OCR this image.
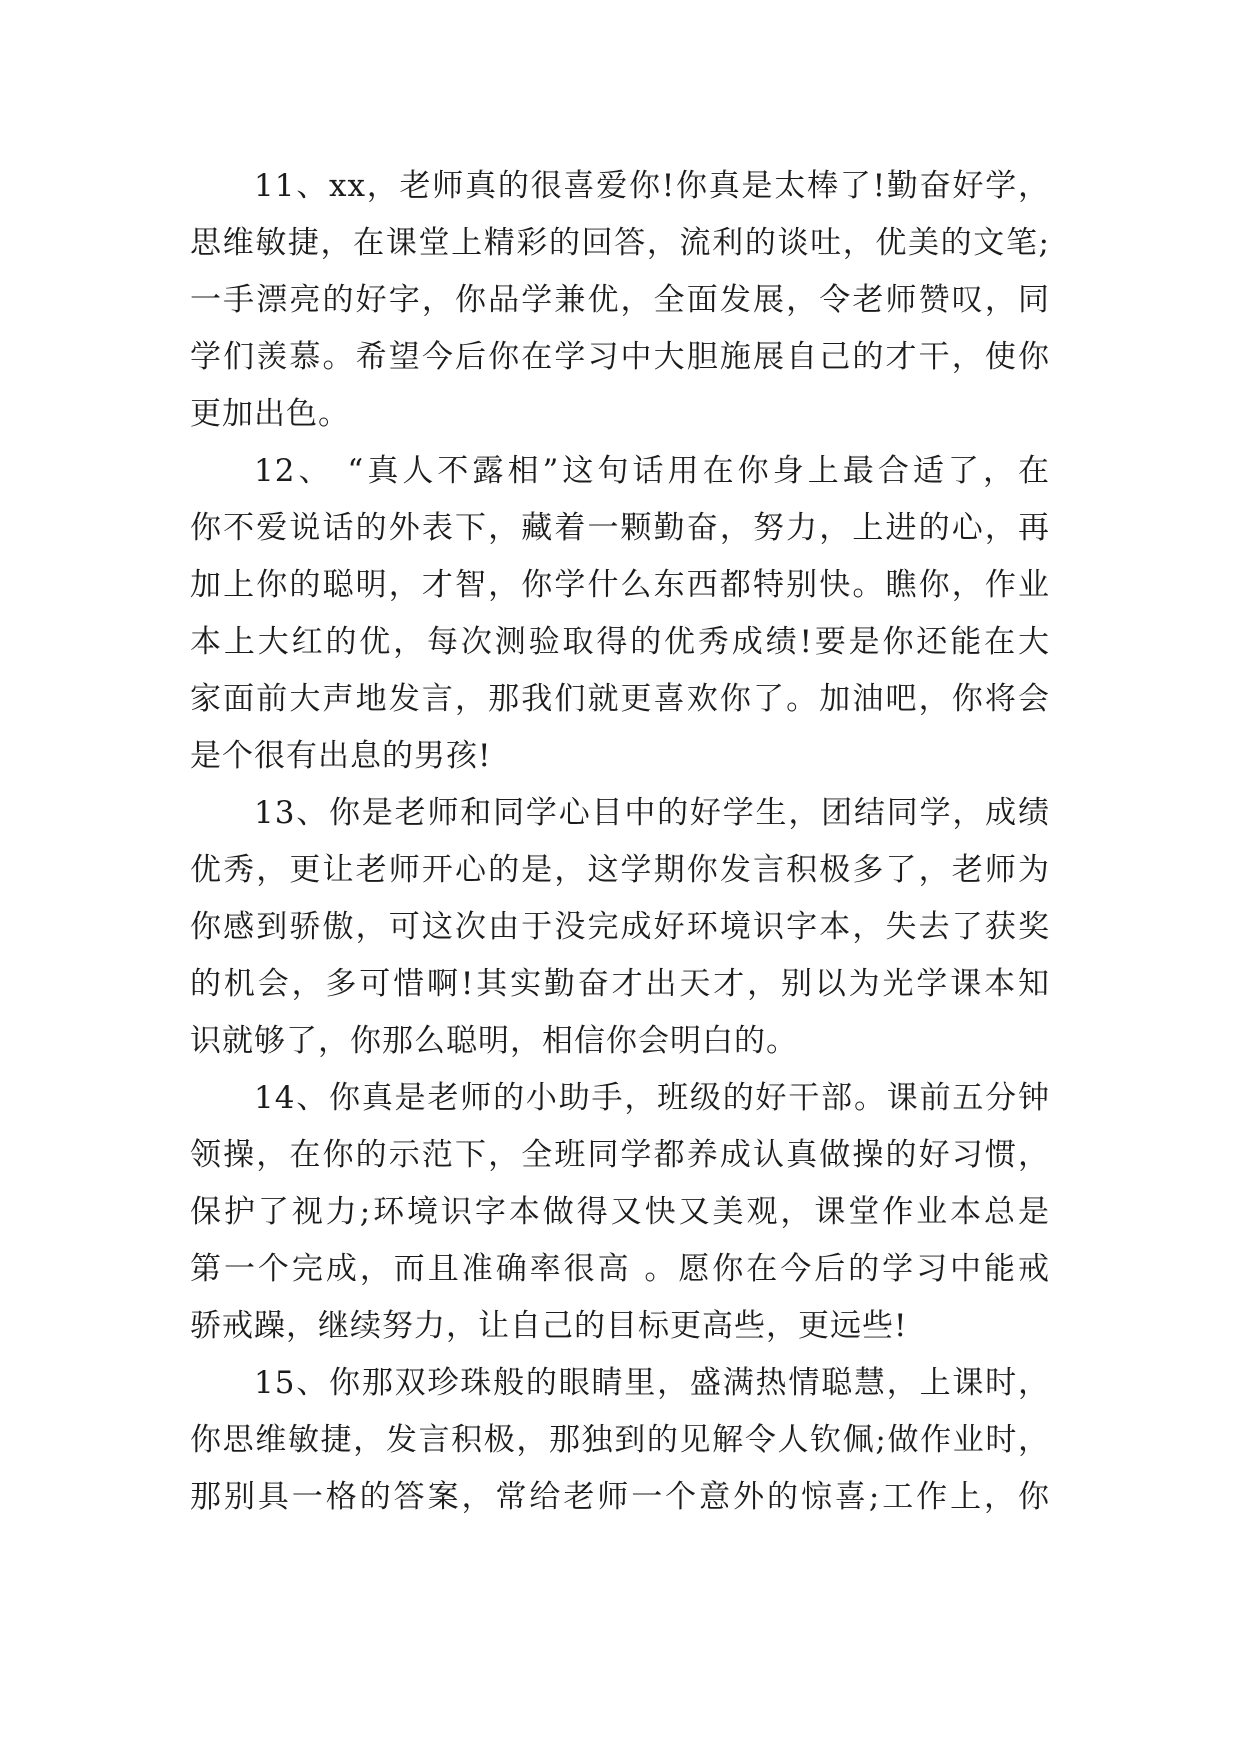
11、xx，老师真的很喜爱你!你真是太棒了!勤奋好学，
思维敏捷，在课堂上精彩的回答，流利的谈吐，优美的文笔;
一手漂亮的好字，你品学兼优，全面发展，令老师赞叹，同
学们羡慕。希望今后你在学习中大胆施展自己的才干，使你
更加出色。
12、 “真人不露相”这句话用在你身上最合适了，在
你不爱说话的外表下，藏着一颗勤奋，努力，上进的心，再
加上你的聪明，才智，你学什么东西都特别快。瞧你，作业
本上大红的优，每次测验取得的优秀成绩!要是你还能在大
家面前大声地发言，那我们就更喜欢你了。加油吧，你将会
是个很有出息的男孩!
13、你是老师和同学心目中的好学生，团结同学，成绩
优秀，更让老师开心的是，这学期你发言积极多了，老师为
你感到骄傲，可这次由于没完成好环境识字本，失去了获奖
的机会，多可惜啊!其实勤奋才出天才，别以为光学课本知
识就够了，你那么聪明，相信你会明白的。
14、你真是老师的小助手，班级的好干部。课前五分钟
领操，在你的示范下，全班同学都养成认真做操的好习惯，
保护了视力;环境识字本做得又快又美观，课堂作业本总是
第一个完成，而且准确率很高 。愿你在今后的学习中能戒
骄戒躁，继续努力，让自己的目标更高些，更远些!
15、你那双珍珠般的眼睛里，盛满热情聪慧，上课时，
你思维敏捷，发言积极，那独到的见解令人钦佩;做作业时，
那别具一格的答案，常给老师一个意外的惊喜;工作上，你
